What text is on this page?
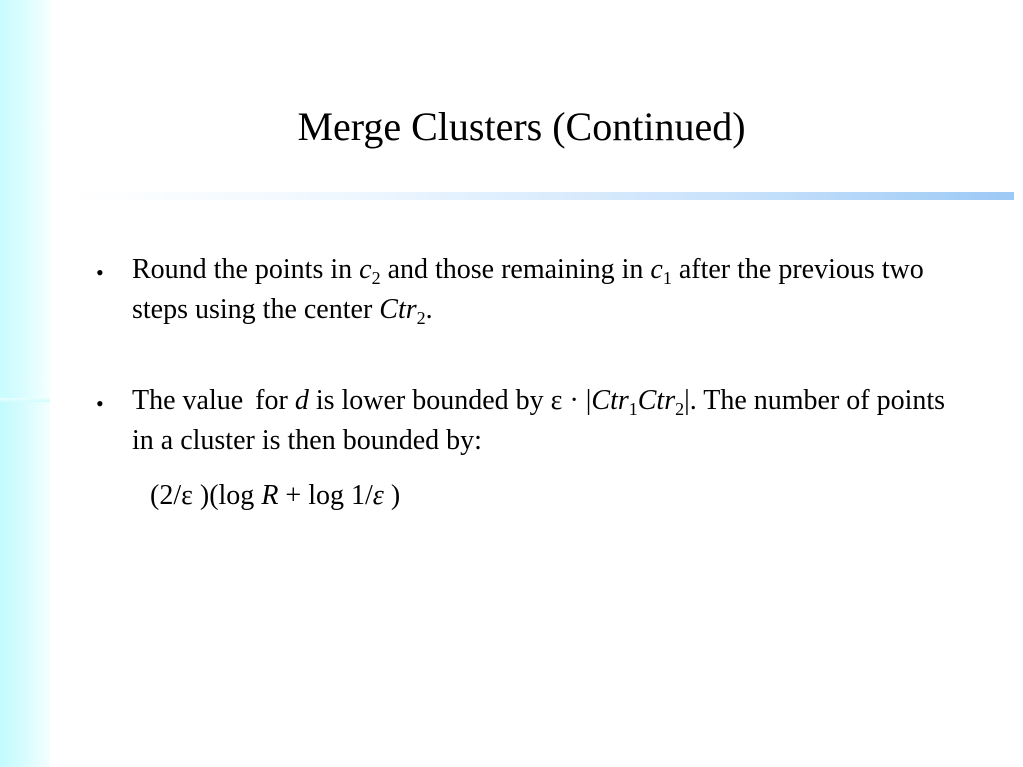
Merge Clusters (Continued)
• Round the points in $c_2$ and those remaining in $c_1$ after the previous two steps using the center Ctr$_2$.

• The value for d is lower bounded by ε · |Ctr$_1$Ctr$_2$|. The number of points in a cluster is then bounded by:

(2/ε )(log R + log 1/ε )
